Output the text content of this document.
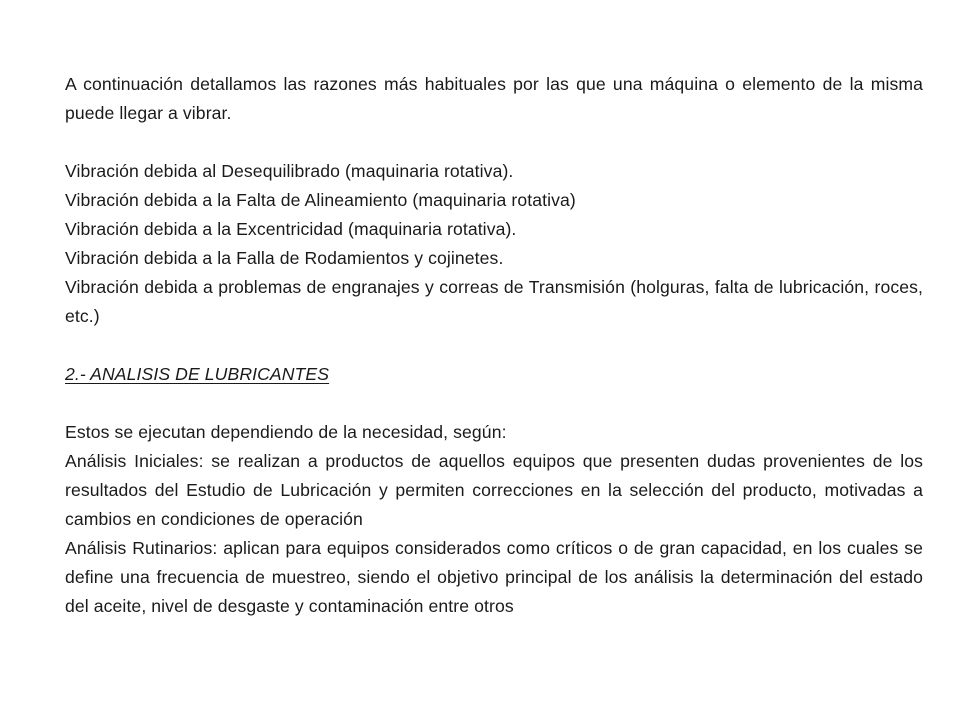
A continuación detallamos las razones más habituales por las que una máquina o elemento de la misma puede llegar a vibrar.

Vibración debida al Desequilibrado (maquinaria rotativa).

Vibración debida a la Falta de Alineamiento (maquinaria rotativa)

Vibración debida a la Excentricidad (maquinaria rotativa).

Vibración debida a la Falla de Rodamientos y cojinetes.

Vibración debida a problemas de engranajes y correas de Transmisión (holguras, falta de lubricación, roces, etc.)

2.- ANALISIS DE LUBRICANTES

Estos se ejecutan dependiendo de la necesidad, según:

Análisis Iniciales: se realizan a productos de aquellos equipos que presenten dudas provenientes de los resultados del Estudio de Lubricación y permiten correcciones en la selección del producto, motivadas a cambios en condiciones de operación

Análisis Rutinarios: aplican para equipos considerados como críticos o de gran capacidad, en los cuales se define una frecuencia de muestreo, siendo el objetivo principal de los análisis la determinación del estado del aceite, nivel de desgaste y contaminación entre otros
